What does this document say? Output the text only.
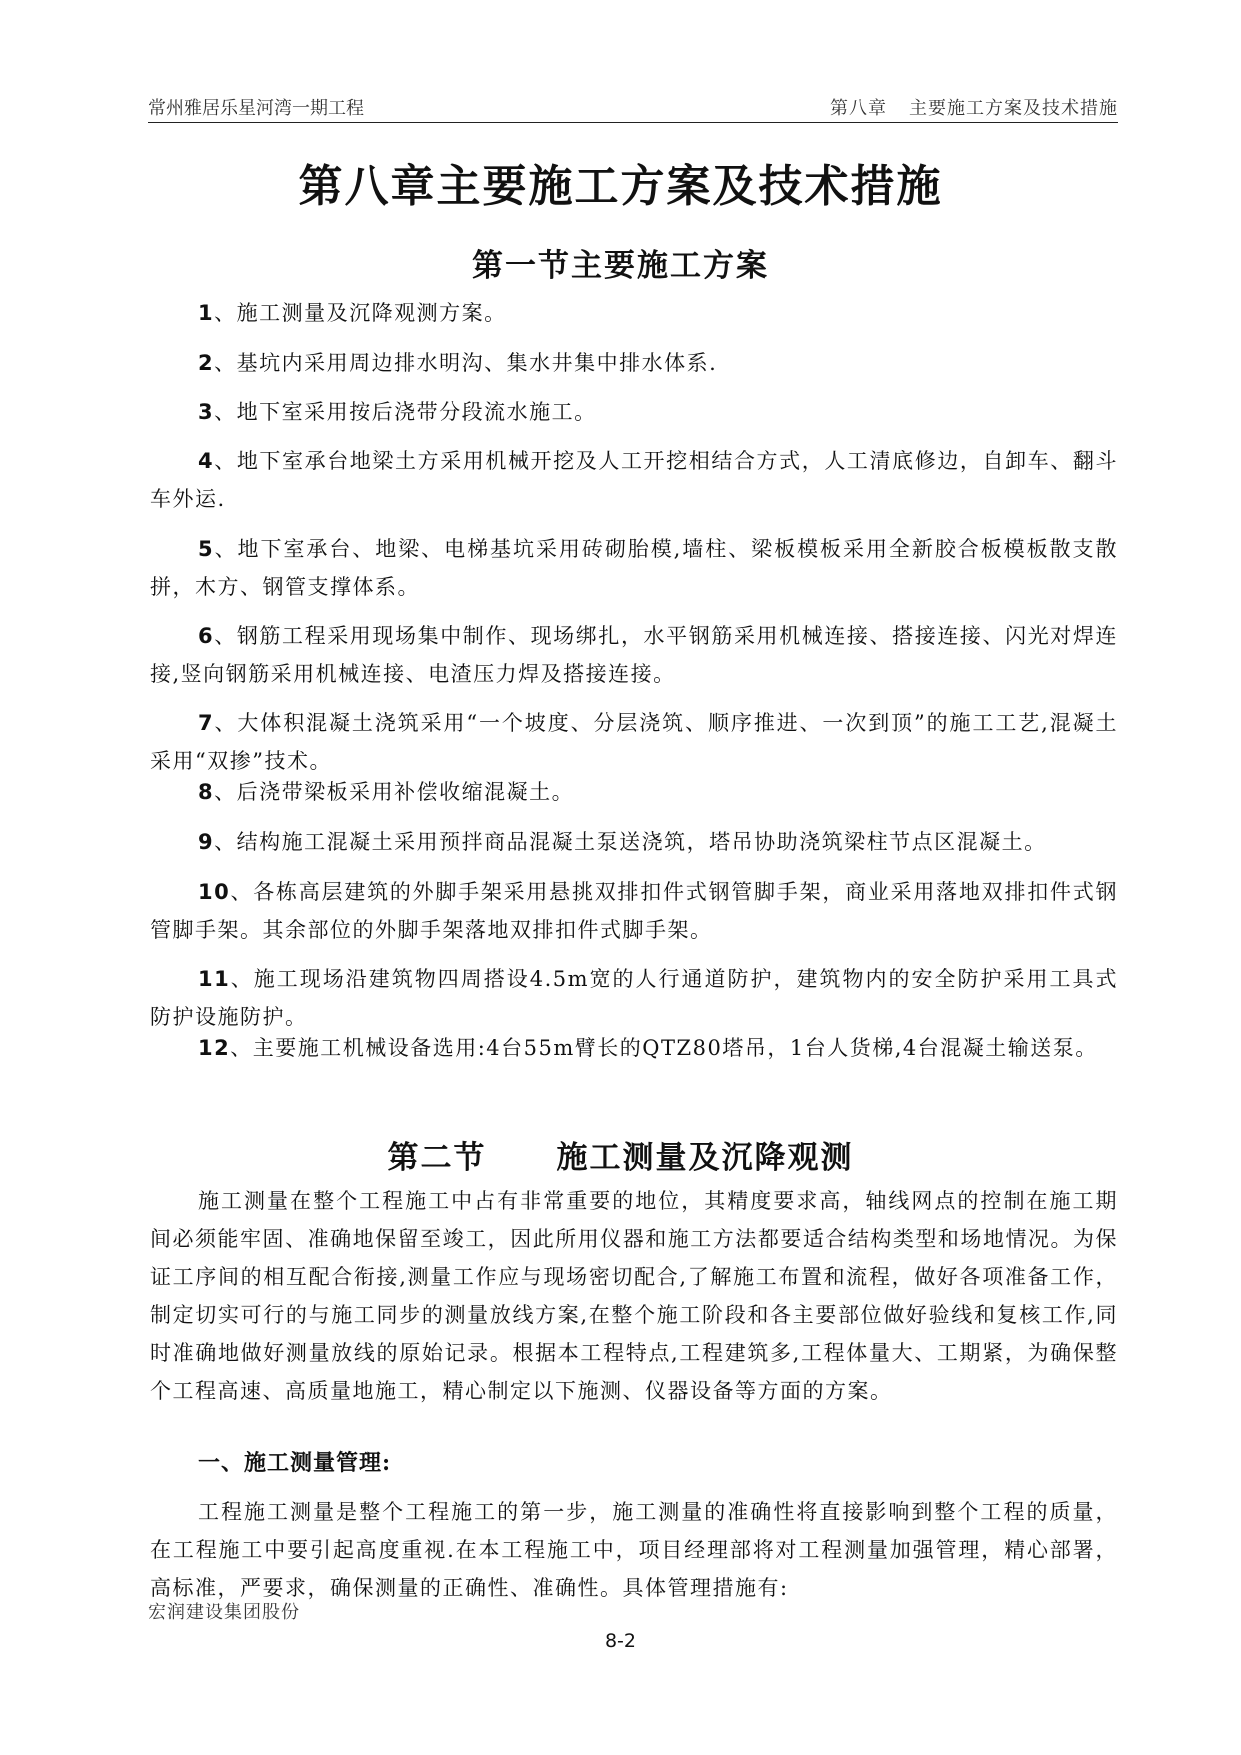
常州雅居乐星河湾一期工程	第八章 主要施工方案及技术措施
第八章主要施工方案及技术措施
第一节主要施工方案

1、施工测量及沉降观测方案。

2、基坑内采用周边排水明沟、集水井集中排水体系.

3、地下室采用按后浇带分段流水施工。

4、地下室承台地梁土方采用机械开挖及人工开挖相结合方式，人工清底修边，自卸车、翻斗车外运.

5、地下室承台、地梁、电梯基坑采用砖砌胎模,墙柱、梁板模板采用全新胶合板模板散支散拼，木方、钢管支撑体系。

6、钢筋工程采用现场集中制作、现场绑扎，水平钢筋采用机械连接、搭接连接、闪光对焊连接,竖向钢筋采用机械连接、电渣压力焊及搭接连接。

7、大体积混凝土浇筑采用“一个坡度、分层浇筑、顺序推进、一次到顶”的施工工艺,混凝土采用“双掺”技术。

8、后浇带梁板采用补偿收缩混凝土。

9、结构施工混凝土采用预拌商品混凝土泵送浇筑，塔吊协助浇筑梁柱节点区混凝土。

10、各栋高层建筑的外脚手架采用悬挑双排扣件式钢管脚手架，商业采用落地双排扣件式钢管脚手架。其余部位的外脚手架落地双排扣件式脚手架。

11、施工现场沿建筑物四周搭设4.5m宽的人行通道防护，建筑物内的安全防护采用工具式防护设施防护。

12、主要施工机械设备选用:4台55m臂长的QTZ80塔吊，1台人货梯,4台混凝土输送泵。

第二节 施工测量及沉降观测

施工测量在整个工程施工中占有非常重要的地位，其精度要求高，轴线网点的控制在施工期间必须能牢固、准确地保留至竣工，因此所用仪器和施工方法都要适合结构类型和场地情况。为保证工序间的相互配合衔接,测量工作应与现场密切配合,了解施工布置和流程，做好各项准备工作，制定切实可行的与施工同步的测量放线方案,在整个施工阶段和各主要部位做好验线和复核工作,同时准确地做好测量放线的原始记录。根据本工程特点,工程建筑多,工程体量大、工期紧，为确保整个工程高速、高质量地施工，精心制定以下施测、仪器设备等方面的方案。

一、施工测量管理:

工程施工测量是整个工程施工的第一步，施工测量的准确性将直接影响到整个工程的质量，在工程施工中要引起高度重视.在本工程施工中，项目经理部将对工程测量加强管理，精心部署，高标准，严要求，确保测量的正确性、准确性。具体管理措施有:

宏润建设集团股份
8-2
